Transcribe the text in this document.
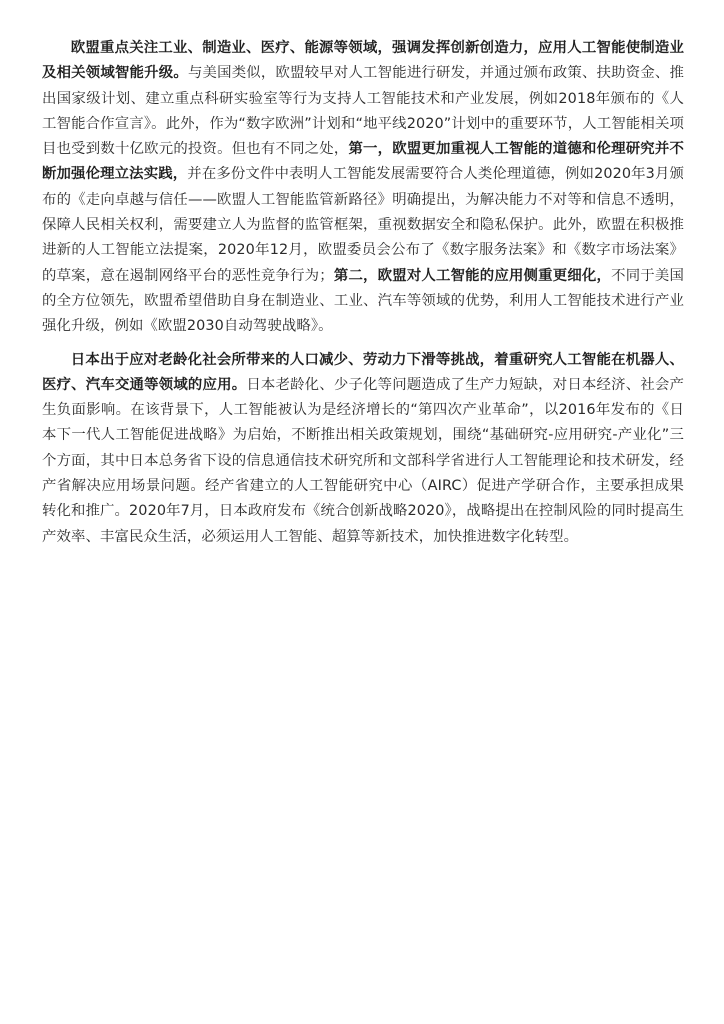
欧盟重点关注工业、制造业、医疗、能源等领域，强调发挥创新创造力，应用人工智能使制造业及相关领域智能升级。与美国类似，欧盟较早对人工智能进行研发，并通过颁布政策、扶助资金、推出国家级计划、建立重点科研实验室等行为支持人工智能技术和产业发展，例如2018年颁布的《人工智能合作宣言》。此外，作为“数字欧洲”计划和“地平线2020”计划中的重要环节，人工智能相关项目也受到数十亿欧元的投资。但也有不同之处，第一，欧盟更加重视人工智能的道德和伦理研究并不断加强伦理立法实践，并在多份文件中表明人工智能发展需要符合人类伦理道德，例如2020年3月颁布的《走向卓越与信任——欧盟人工智能监管新路径》明确提出，为解决能力不对等和信息不透明，保障人民相关权利，需要建立人为监督的监管框架，重视数据安全和隐私保护。此外，欧盟在积极推进新的人工智能立法提案，2020年12月，欧盟委员会公布了《数字服务法案》和《数字市场法案》的草案，意在遏制网络平台的恶性竞争行为；第二，欧盟对人工智能的应用侧重更细化，不同于美国的全方位领先，欧盟希望借助自身在制造业、工业、汽车等领域的优势，利用人工智能技术进行产业强化升级，例如《欧盟2030自动驾驶战略》。

日本出于应对老龄化社会所带来的人口减少、劳动力下滑等挑战，着重研究人工智能在机器人、医疗、汽车交通等领域的应用。日本老龄化、少子化等问题造成了生产力短缺，对日本经济、社会产生负面影响。在该背景下，人工智能被认为是经济增长的“第四次产业革命”，以2016年发布的《日本下一代人工智能促进战略》为启始，不断推出相关政策规划，围绕“基础研究-应用研究-产业化”三个方面，其中日本总务省下设的信息通信技术研究所和文部科学省进行人工智能理论和技术研发，经产省解决应用场景问题。经产省建立的人工智能研究中心（AIRC）促进产学研合作，主要承担成果转化和推广。2020年7月，日本政府发布《统合创新战略2020》，战略提出在控制风险的同时提高生产效率、丰富民众生活，必须运用人工智能、超算等新技术，加快推进数字化转型。
